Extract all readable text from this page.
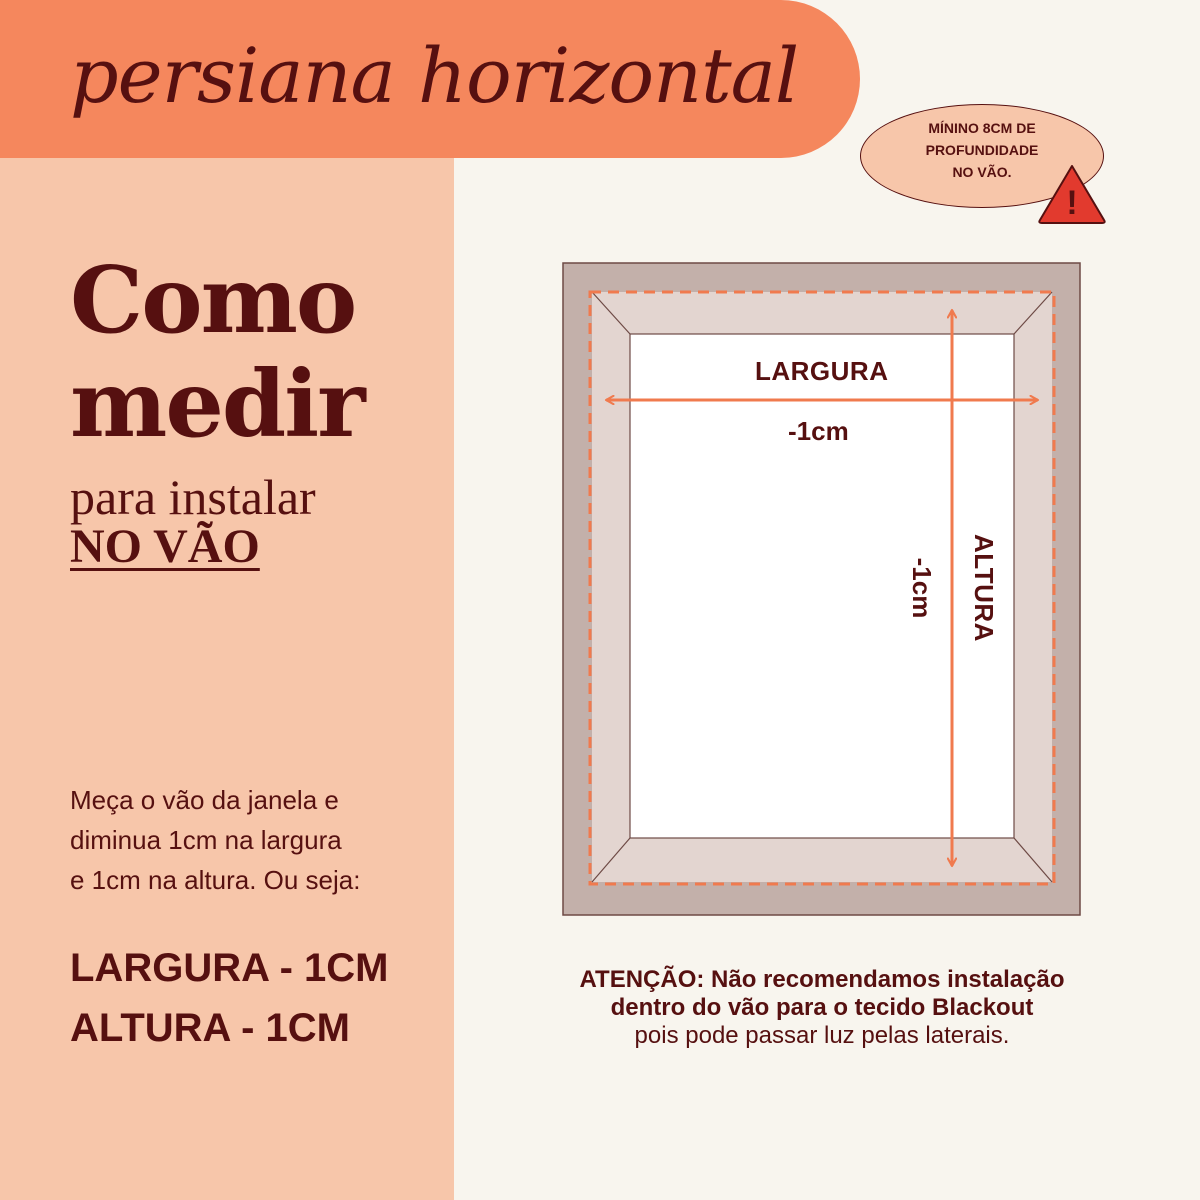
persiana horizontal
Como
medir
para instalar
NO VÃO
Meça o vão da janela e
diminua 1cm na largura
e 1cm na altura. Ou seja:
LARGURA - 1CM
ALTURA - 1CM
MÍNINO 8CM DE
PROFUNDIDADE
NO VÃO.
!
LARGURA
-1cm
ALTURA
-1cm
ATENÇÃO: Não recomendamos instalação
dentro do vão para o tecido Blackout
pois pode passar luz pelas laterais.
